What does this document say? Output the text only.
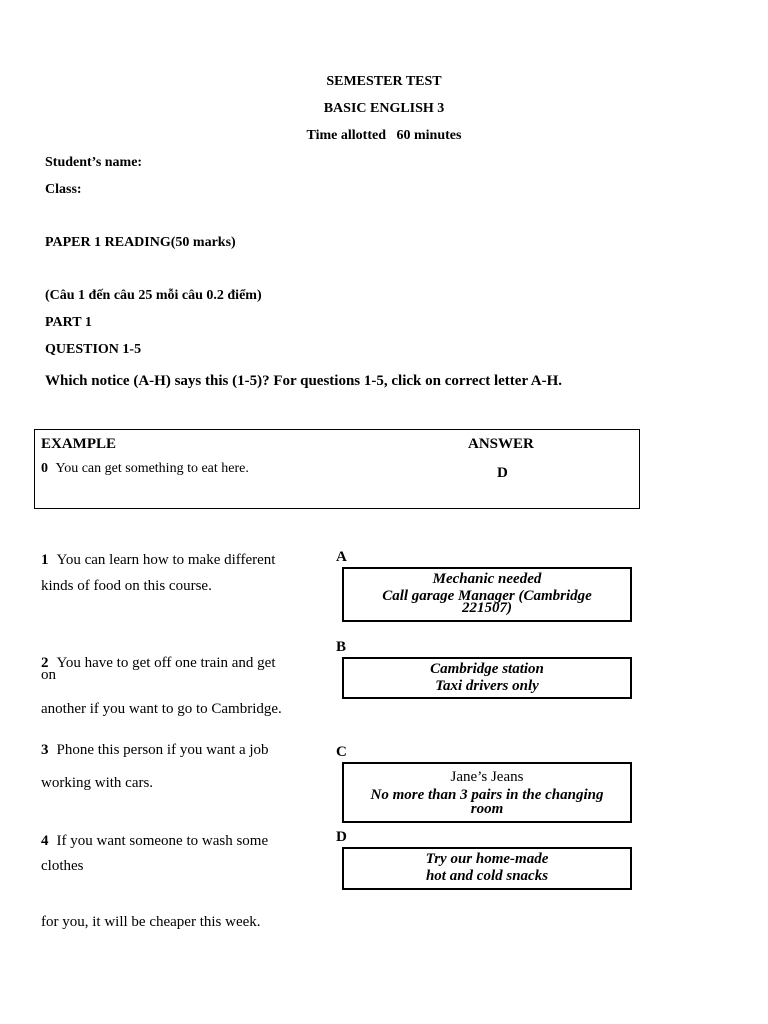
SEMESTER TEST
BASIC ENGLISH 3
Time allotted   60 minutes
Student’s name:
Class:
PAPER 1 READING(50 marks)
(Câu 1 đến câu 25 mỗi câu 0.2 điểm)
PART 1
QUESTION 1-5
Which notice (A-H) says this (1-5)? For questions 1-5, click on correct letter A-H.
EXAMPLE	ANSWER
0 You can get something to eat here.	D
1 You can learn how to make different
kinds of food on this course.
2 You have to get off one train and get
on
another if you want to go to Cambridge.
3 Phone this person if you want a job
working with cars.
4 If you want someone to wash some
clothes
for you, it will be cheaper this week.
A
Mechanic needed
Call garage Manager (Cambridge
221507)
B
Cambridge station
Taxi drivers only
C
Jane’s Jeans
No more than 3 pairs in the changing
room
D
Try our home-made
hot and cold snacks
